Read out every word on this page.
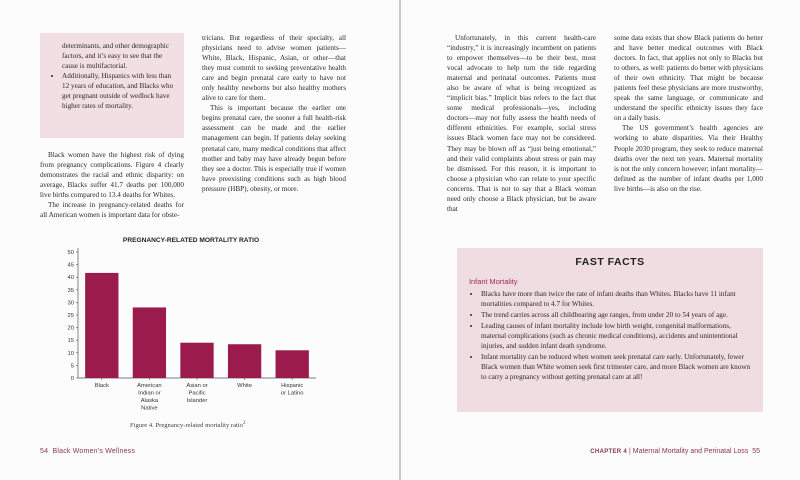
determinants, and other demographic factors, and it’s easy to see that the cause is multifactorial.
• Additionally, Hispanics with less than 12 years of education, and Blacks who get pregnant outside of wedlock have higher rates of mortality.

Black women have the highest risk of dying from pregnancy complications. Figure 4 clearly demonstrates the racial and ethnic disparity: on average, Blacks suffer 41.7 deaths per 100,000 live births compared to 13.4 deaths for Whites.

The increase in pregnancy-related deaths for all American women is important data for obste-

tricians. But regardless of their specialty, all physicians need to advise women patients—White, Black, Hispanic, Asian, or other—that they must commit to seeking preventative health care and begin prenatal care early to have not only healthy newborns but also healthy mothers alive to care for them.

This is important because the earlier one begins prenatal care, the sooner a full health-risk assessment can be made and the earlier management can begin. If patients delay seeking prenatal care, many medical conditions that affect mother and baby may have already begun before they see a doctor. This is especially true if women have preexisting conditions such as high blood pressure (HBP), obesity, or more.

PREGNANCY-RELATED MORTALITY RATIO
0
5
10
15
20
25
30
35
40
45
50
Black	American
Indian or
Alaska
Native
Asian or
Pacific
Islander
White	Hispanic
or Latino
Figure 4. Pregnancy-related mortality ratio$^2$
54 Black Women’s Wellness

Unfortunately, in this current health-care “industry,” it is increasingly incumbent on patients to empower themselves—to be their best, most vocal advocate to help turn the tide regarding maternal and perinatal outcomes. Patients must also be aware of what is being recognized as “implicit bias.” Implicit bias refers to the fact that some medical professionals—yes, including doctors—may not fully assess the health needs of different ethnicities. For example, social stress issues Black women face may not be considered. They may be blown off as “just being emotional,” and their valid complaints about stress or pain may be dismissed. For this reason, it is important to choose a physician who can relate to your specific concerns. That is not to say that a Black woman need only choose a Black physician, but be aware that

some data exists that show Black patients do better and have better medical outcomes with Black doctors. In fact, that applies not only to Blacks but to others, as well: patients do better with physicians of their own ethnicity. That might be because patients feel these physicians are more trustworthy, speak the same language, or communicate and understand the specific ethnicity issues they face on a daily basis.

The US government’s health agencies are working to abate disparities. Via their Healthy People 2030 program, they seek to reduce maternal deaths over the next ten years. Maternal mortality is not the only concern however; infant mortality—defined as the number of infant deaths per 1,000 live births—is also on the rise.

FAST FACTS
Infant Mortality
• Blacks have more than twice the rate of infant deaths than Whites. Blacks have 11 infant mortalities compared to 4.7 for Whites.
• The trend carries across all childbearing age ranges, from under 20 to 54 years of age.
• Leading causes of infant mortality include low birth weight, congenital malformations, maternal complications (such as chronic medical conditions), accidents and unintentional injuries, and sudden infant death syndrome.
• Infant mortality can be reduced when women seek prenatal care early. Unfortunately, fewer Black women than White women seek first trimester care, and more Black women are known to carry a pregnancy without getting prenatal care at all!
CHAPTER 4 | Maternal Mortality and Perinatal Loss 55
